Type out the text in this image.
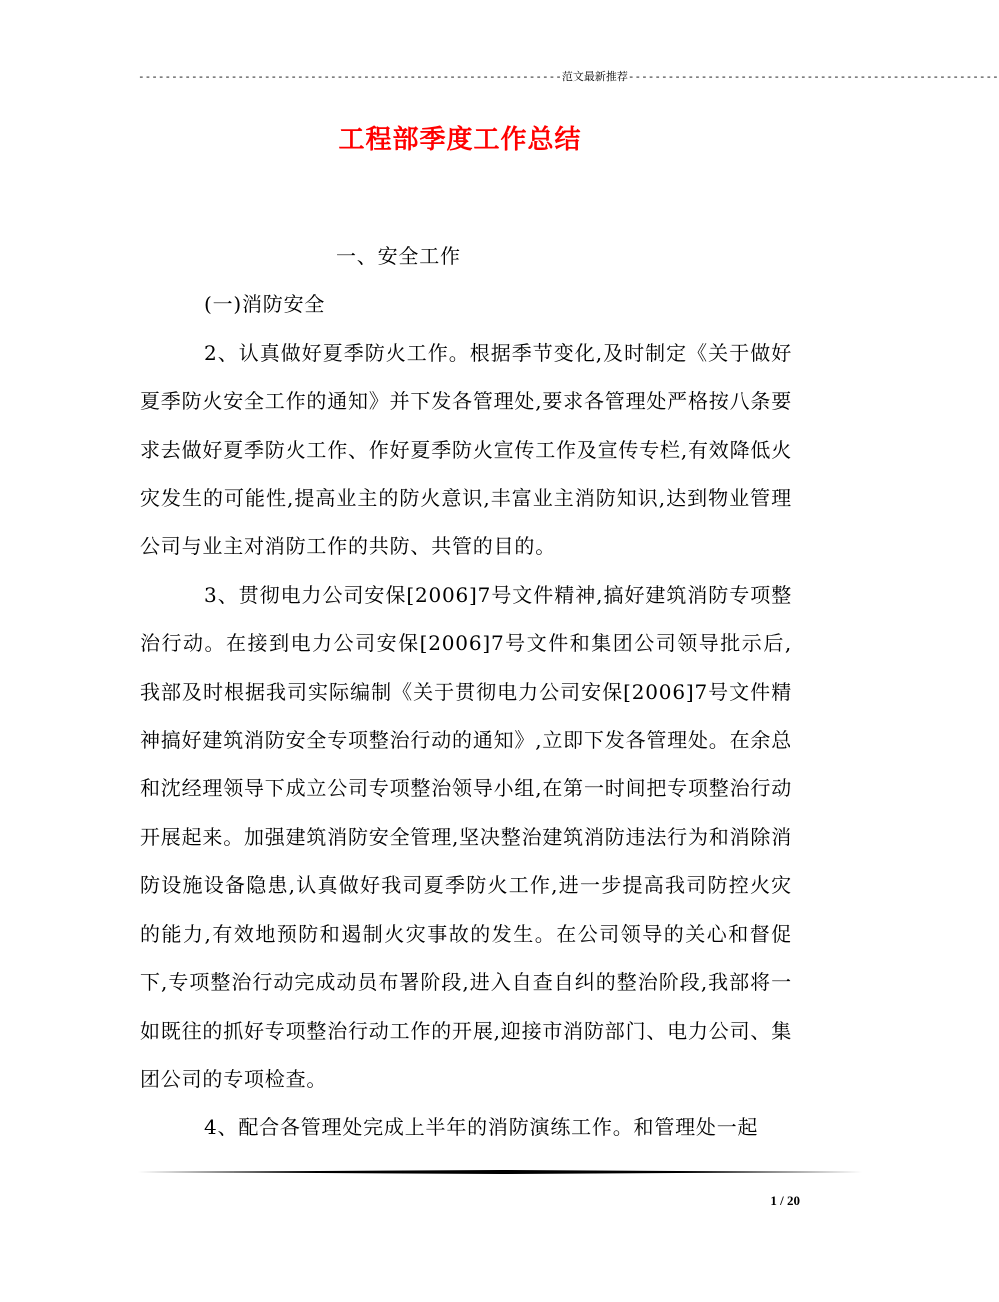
----------------------------------------------------------------范文最新推荐--------------------------------------------------------
工程部季度工作总结

一、安全工作

(一)消防安全

2、认真做好夏季防火工作。根据季节变化,及时制定《关于做好夏季防火安全工作的通知》并下发各管理处,要求各管理处严格按八条要求去做好夏季防火工作、作好夏季防火宣传工作及宣传专栏,有效降低火灾发生的可能性,提高业主的防火意识,丰富业主消防知识,达到物业管理公司与业主对消防工作的共防、共管的目的。

3、贯彻电力公司安保[2006]7号文件精神,搞好建筑消防专项整治行动。在接到电力公司安保[2006]7号文件和集团公司领导批示后,我部及时根据我司实际编制《关于贯彻电力公司安保[2006]7号文件精神搞好建筑消防安全专项整治行动的通知》,立即下发各管理处。在余总和沈经理领导下成立公司专项整治领导小组,在第一时间把专项整治行动开展起来。加强建筑消防安全管理,坚决整治建筑消防违法行为和消除消防设施设备隐患,认真做好我司夏季防火工作,进一步提高我司防控火灾的能力,有效地预防和遏制火灾事故的发生。在公司领导的关心和督促下,专项整治行动完成动员布署阶段,进入自查自纠的整治阶段,我部将一如既往的抓好专项整治行动工作的开展,迎接市消防部门、电力公司、集团公司的专项检查。

4、配合各管理处完成上半年的消防演练工作。和管理处一起

1 / 20
